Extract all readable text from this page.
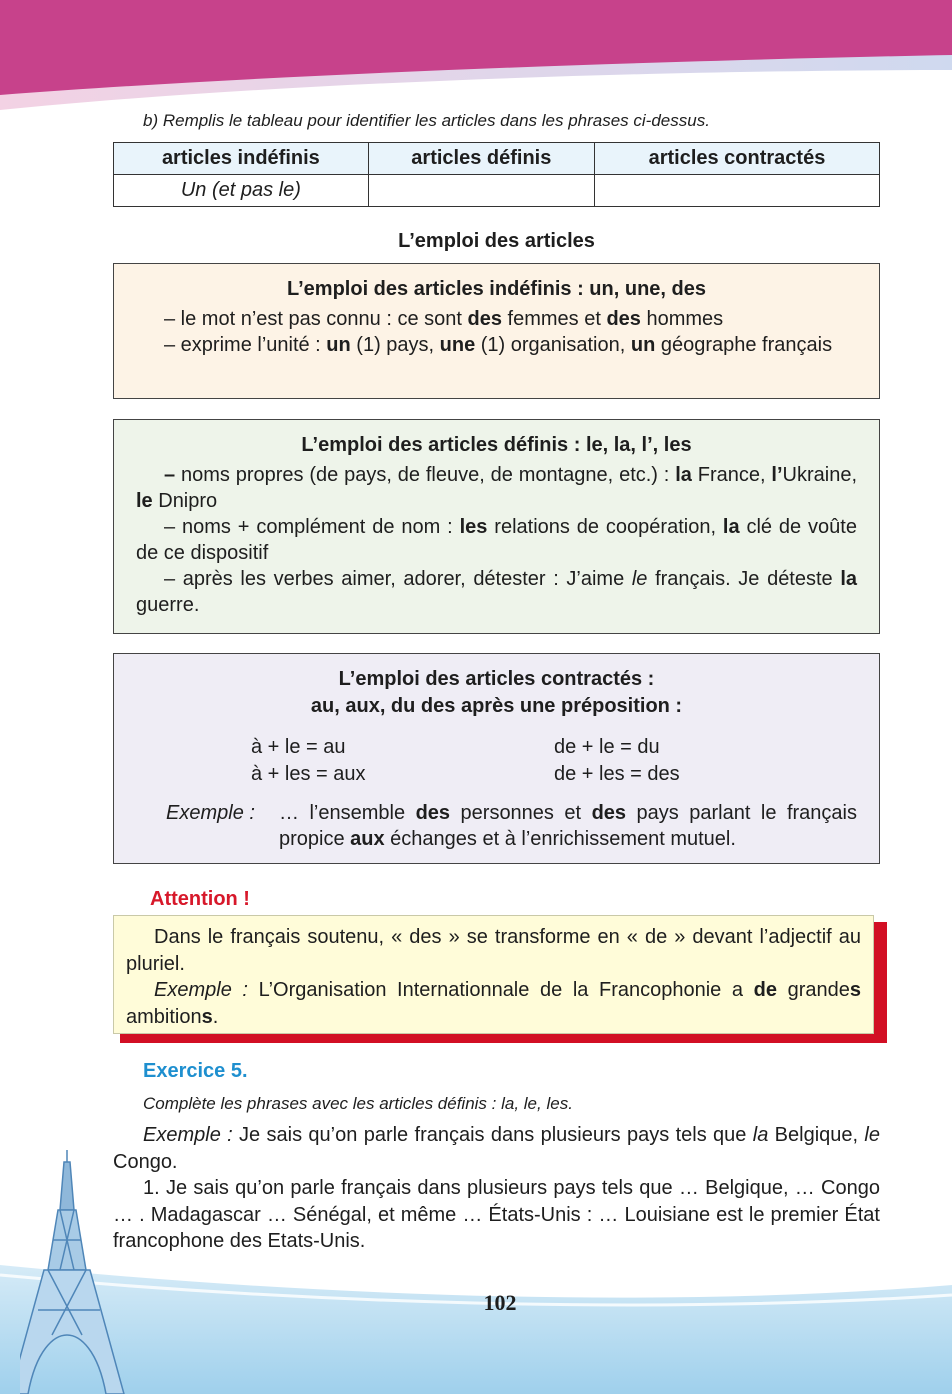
b) Remplis le tableau pour identifier les articles dans les phrases ci-dessus.
articles indéfinis	articles définis	articles contractés
Un (et pas le)		
L’emploi des articles
L’emploi des articles indéfinis : un, une, des

– le mot n’est pas connu : ce sont des femmes et des hommes

– exprime l’unité : un (1) pays, une (1) organisation, un géographe français

L’emploi des articles définis : le, la, l’, les

– noms propres (de pays, de fleuve, de montagne, etc.) : la France, l’Ukraine, le Dnipro

– noms + complément de nom : les relations de coopération, la clé de voûte de ce dispositif

– après les verbes aimer, adorer, détester : J’aime le français. Je déteste la guerre.

L’emploi des articles contractés :
au, aux, du des après une préposition :
à + le = au	de + le = du
à + les = aux	de + les = des
Exemple :	… l’ensemble des personnes et des pays parlant le français propice aux échanges et à l’enrichissement mutuel.
Attention !

Dans le français soutenu, « des » se transforme en « de » devant l’adjectif au pluriel.

Exemple : L’Organisation Internationnale de la Francophonie a de grandes ambitions.

Exercice 5.
Complète les phrases avec les articles définis : la, le, les.

Exemple : Je sais qu’on parle français dans plusieurs pays tels que la Belgique, le Congo.

1. Je sais qu’on parle français dans plusieurs pays tels que … Belgique, … Congo … . Madagascar … Sénégal, et même … États-Unis : … Louisiane est le premier État francophone des Etats-Unis.

102
